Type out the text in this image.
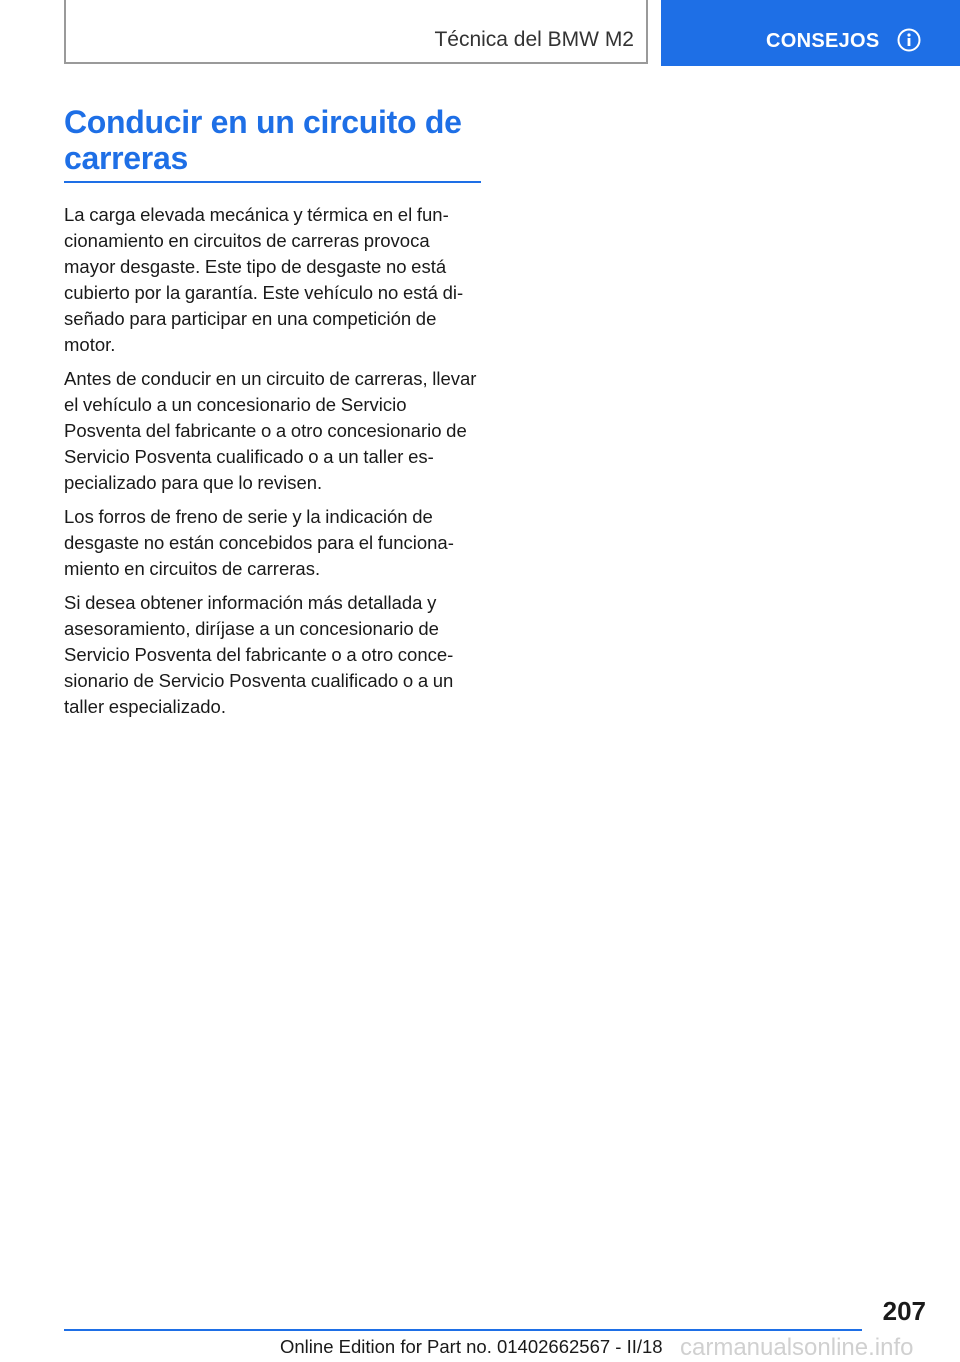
Técnica del BMW M2	CONSEJOS
Conducir en un circuito de carreras

La carga elevada mecánica y térmica en el funcionamiento en circuitos de carreras provoca mayor desgaste. Este tipo de desgaste no está cubierto por la garantía. Este vehículo no está diseñado para participar en una competición de motor.

Antes de conducir en un circuito de carreras, llevar el vehículo a un concesionario de Servicio Posventa del fabricante o a otro concesionario de Servicio Posventa cualificado o a un taller especializado para que lo revisen.

Los forros de freno de serie y la indicación de desgaste no están concebidos para el funcionamiento en circuitos de carreras.

Si desea obtener información más detallada y asesoramiento, diríjase a un concesionario de Servicio Posventa del fabricante o a otro concesionario de Servicio Posventa cualificado o a un taller especializado.

207
Online Edition for Part no. 01402662567 - II/18 carmanualsonline.info
